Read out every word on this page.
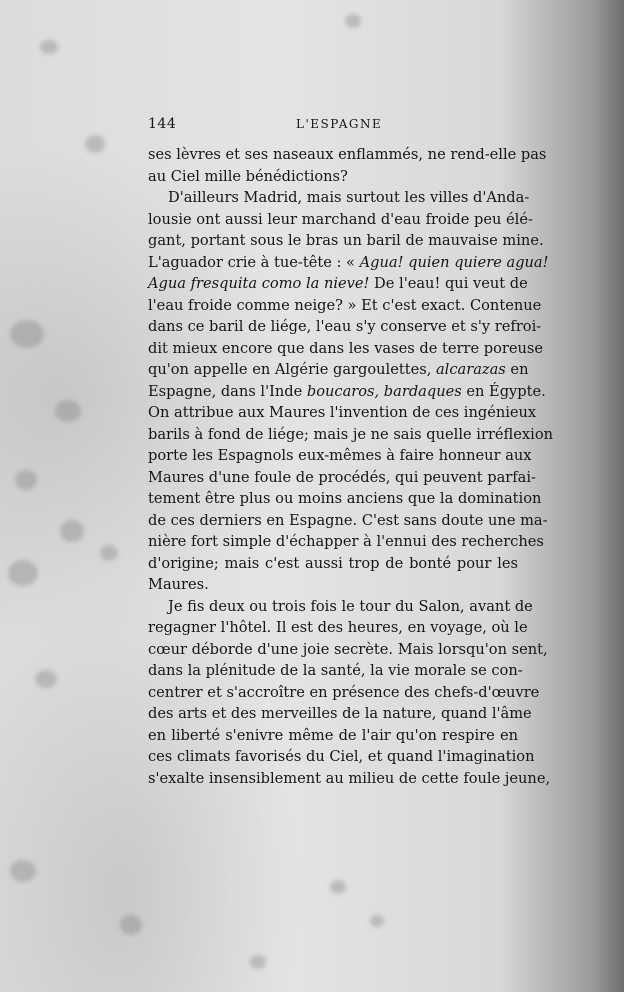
144	L'ESPAGNE
ses lèvres et ses naseaux enflammés, ne rend-elle pas
au Ciel mille bénédictions?
D'ailleurs Madrid, mais surtout les villes d'Anda-
lousie ont aussi leur marchand d'eau froide peu élé-
gant, portant sous le bras un baril de mauvaise mine.
L'aguador crie à tue-tête : « Agua! quien quiere agua!
Agua fresquita como la nieve! De l'eau! qui veut de
l'eau froide comme neige? » Et c'est exact. Contenue
dans ce baril de liége, l'eau s'y conserve et s'y refroi-
dit mieux encore que dans les vases de terre poreuse
qu'on appelle en Algérie gargoulettes, alcarazas en
Espagne, dans l'Inde boucaros, bardaques en Égypte.
On attribue aux Maures l'invention de ces ingénieux
barils à fond de liége; mais je ne sais quelle irréflexion
porte les Espagnols eux-mêmes à faire honneur aux
Maures d'une foule de procédés, qui peuvent parfai-
tement être plus ou moins anciens que la domination
de ces derniers en Espagne. C'est sans doute une ma-
nière fort simple d'échapper à l'ennui des recherches
d'origine; mais c'est aussi trop de bonté pour les
Maures.
Je fis deux ou trois fois le tour du Salon, avant de
regagner l'hôtel. Il est des heures, en voyage, où le
cœur déborde d'une joie secrète. Mais lorsqu'on sent,
dans la plénitude de la santé, la vie morale se con-
centrer et s'accroître en présence des chefs-d'œuvre
des arts et des merveilles de la nature, quand l'âme
en liberté s'enivre même de l'air qu'on respire en
ces climats favorisés du Ciel, et quand l'imagination
s'exalte insensiblement au milieu de cette foule jeune,
